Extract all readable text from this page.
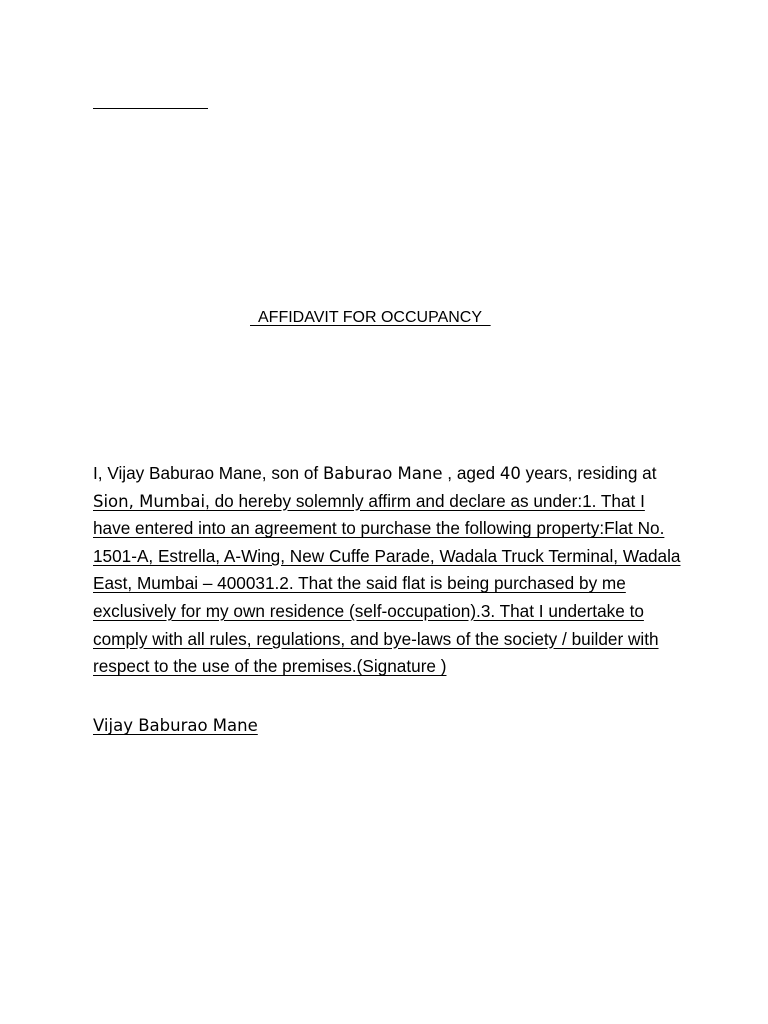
AFFIDAVIT FOR OCCUPANCY

I, Vijay Baburao Mane, son of Baburao Mane , aged 40 years, residing at Sion, Mumbai, do hereby solemnly affirm and declare as under:1. That I have entered into an agreement to purchase the following property:Flat No. 1501-A, Estrella, A-Wing, New Cuffe Parade, Wadala Truck Terminal, Wadala East, Mumbai – 400031.2. That the said flat is being purchased by me exclusively for my own residence (self-occupation).3. That I undertake to comply with all rules, regulations, and bye-laws of the society / builder with respect to the use of the premises.(Signature )

Vijay Baburao Mane
